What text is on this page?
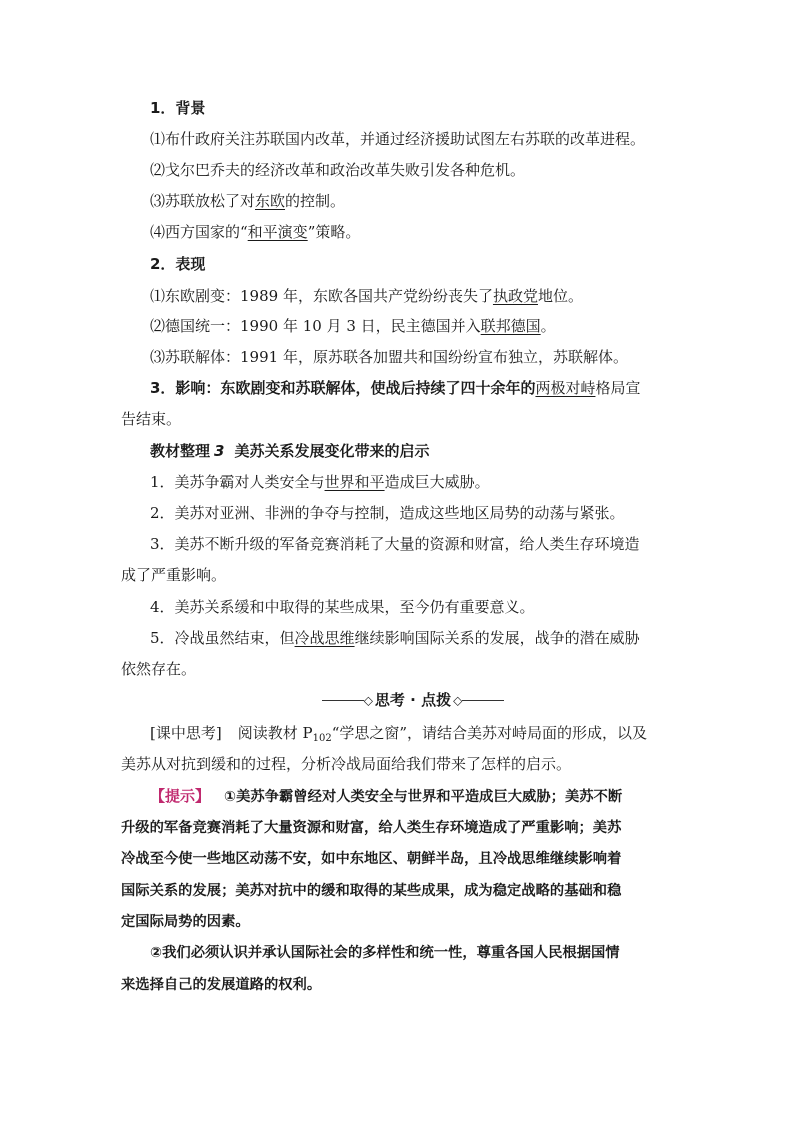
1．背景
⑴布什政府关注苏联国内改革，并通过经济援助试图左右苏联的改革进程。
⑵戈尔巴乔夫的经济改革和政治改革失败引发各种危机。
⑶苏联放松了对东欧的控制。
⑷西方国家的“和平演变”策略。
2．表现
⑴东欧剧变：1989 年，东欧各国共产党纷纷丧失了执政党地位。
⑵德国统一：1990 年 10 月 3 日，民主德国并入联邦德国。
⑶苏联解体：1991 年，原苏联各加盟共和国纷纷宣布独立，苏联解体。
3．影响：东欧剧变和苏联解体，使战后持续了四十余年的两极对峙格局宣
告结束。
教材整理 3 美苏关系发展变化带来的启示
1．美苏争霸对人类安全与世界和平造成巨大威胁。
2．美苏对亚洲、非洲的争夺与控制，造成这些地区局势的动荡与紧张。
3．美苏不断升级的军备竞赛消耗了大量的资源和财富，给人类生存环境造
成了严重影响。
4．美苏关系缓和中取得的某些成果，至今仍有重要意义。
5．冷战虽然结束，但冷战思维继续影响国际关系的发展，战争的潜在威胁
依然存在。
◇ 思考 · 点拨 ◇
[课中思考] 阅读教材 $P_{102}“$学思之窗”，请结合美苏对峙局面的形成，以及
美苏从对抗到缓和的过程，分析冷战局面给我们带来了怎样的启示。
【提示】 ①美苏争霸曾经对人类安全与世界和平造成巨大威胁；美苏不断
升级的军备竞赛消耗了大量资源和财富，给人类生存环境造成了严重影响；美苏
冷战至今使一些地区动荡不安，如中东地区、朝鲜半岛，且冷战思维继续影响着
国际关系的发展；美苏对抗中的缓和取得的某些成果，成为稳定战略的基础和稳
定国际局势的因素。
②我们必须认识并承认国际社会的多样性和统一性，尊重各国人民根据国情
来选择自己的发展道路的权利。
